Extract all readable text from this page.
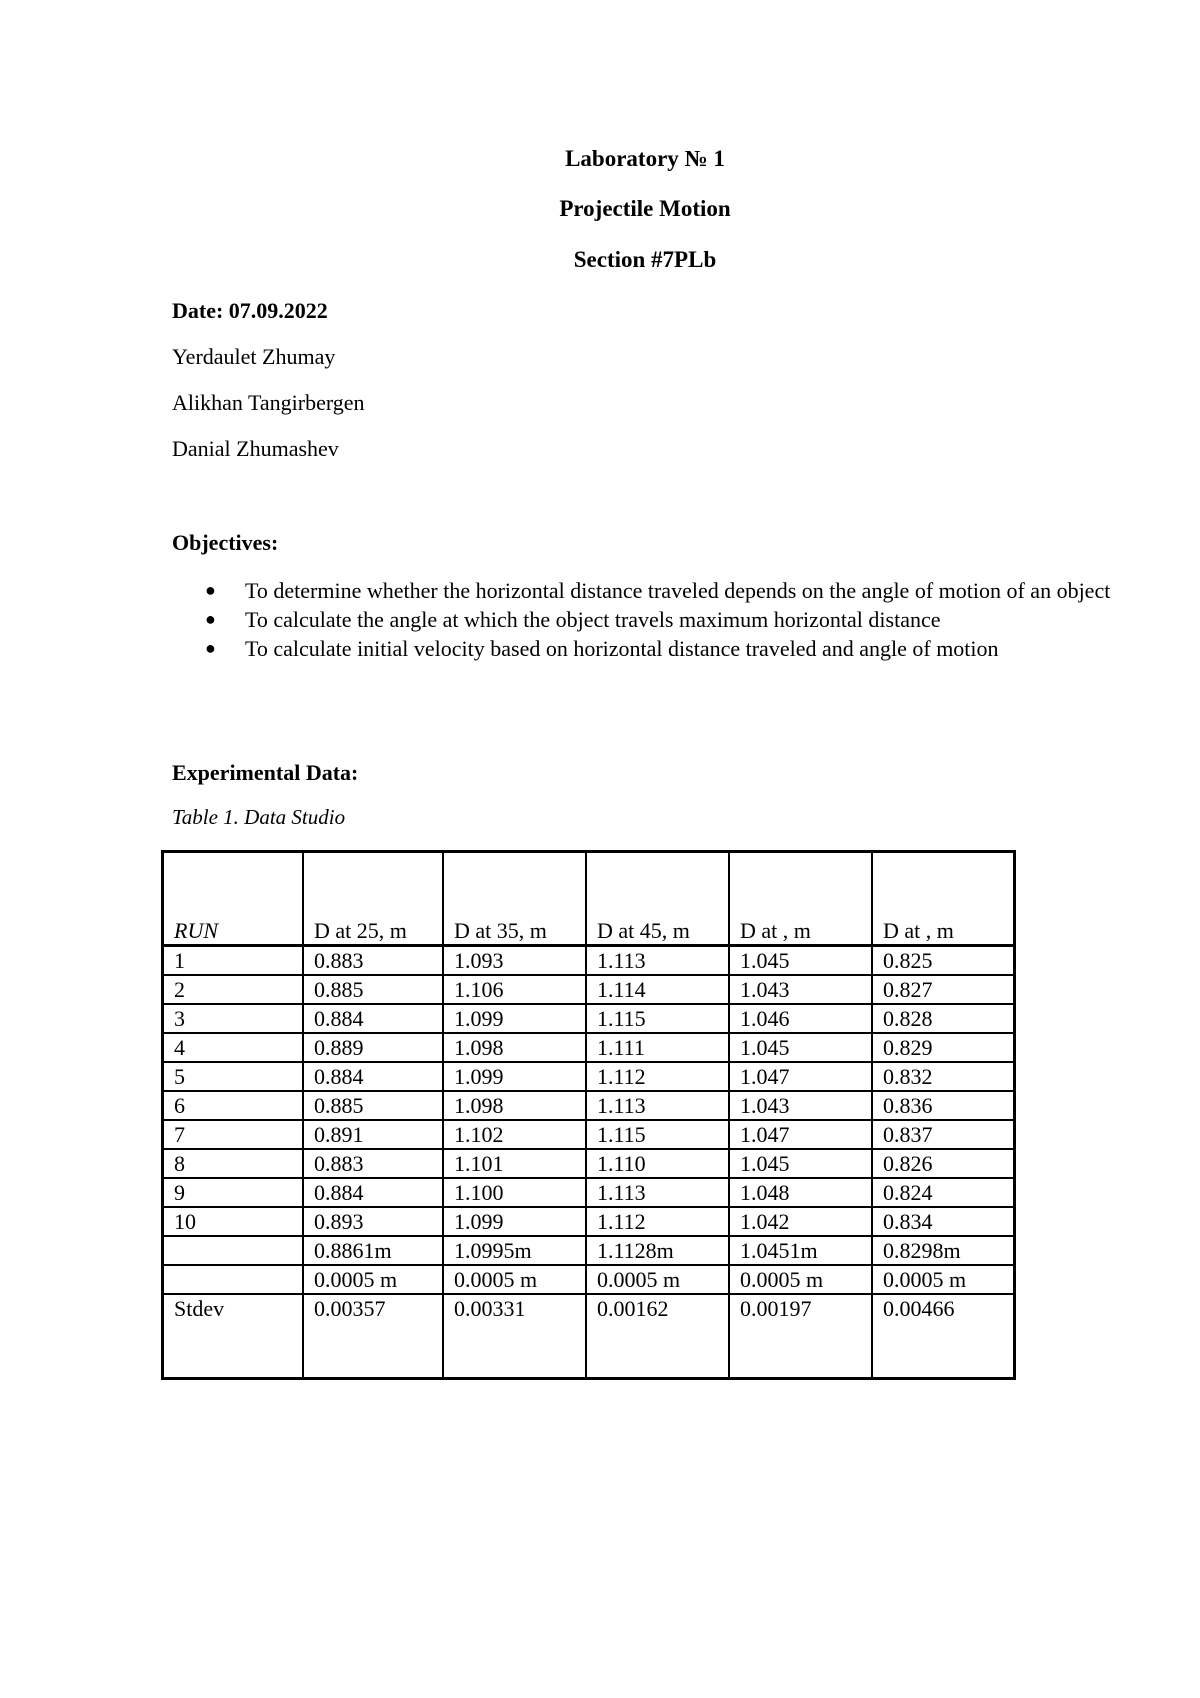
Laboratory № 1
Projectile Motion
Section #7PLb
Date: 07.09.2022
Yerdaulet Zhumay
Alikhan Tangirbergen
Danial Zhumashev
Objectives:
● To determine whether the horizontal distance traveled depends on the angle of motion of an object
● To calculate the angle at which the object travels maximum horizontal distance
● To calculate initial velocity based on horizontal distance traveled and angle of motion
Experimental Data:
Table 1. Data Studio
RUN	D at 25, m	D at 35, m	D at 45, m	D at , m	D at , m
1	0.883	1.093	1.113	1.045	0.825
2	0.885	1.106	1.114	1.043	0.827
3	0.884	1.099	1.115	1.046	0.828
4	0.889	1.098	1.111	1.045	0.829
5	0.884	1.099	1.112	1.047	0.832
6	0.885	1.098	1.113	1.043	0.836
7	0.891	1.102	1.115	1.047	0.837
8	0.883	1.101	1.110	1.045	0.826
9	0.884	1.100	1.113	1.048	0.824
10	0.893	1.099	1.112	1.042	0.834
	0.8861m	1.0995m	1.1128m	1.0451m	0.8298m
	0.0005 m	0.0005 m	0.0005 m	0.0005 m	0.0005 m
Stdev	0.00357	0.00331	0.00162	0.00197	0.00466
